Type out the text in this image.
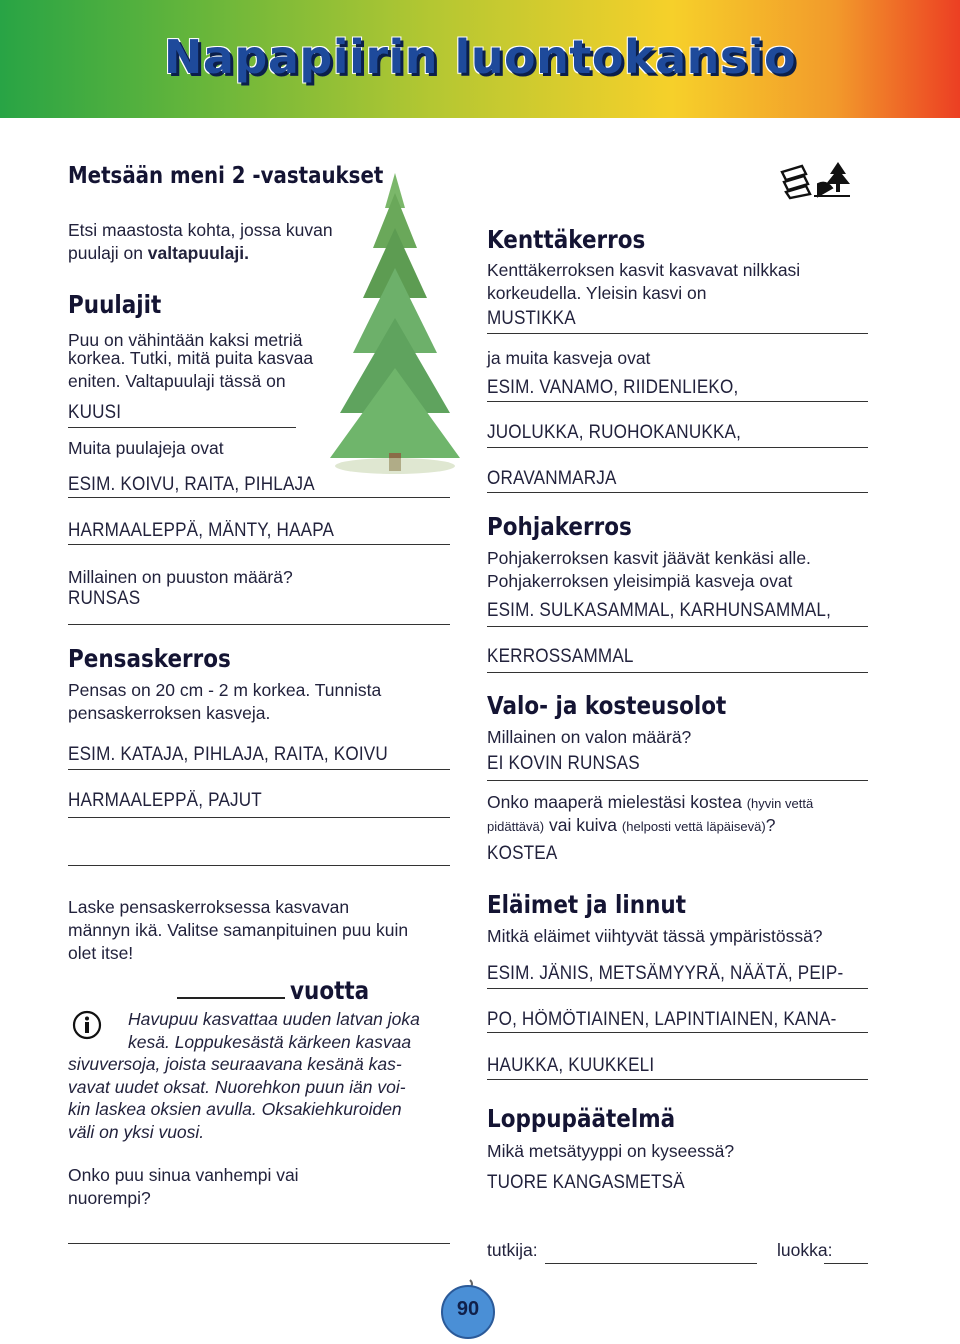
Napapiirin luontokansio
Metsään meni 2 -vastaukset
Etsi maastosta kohta, jossa kuvan
puulaji on valtapuulaji.
Puulajit
Puu on vähintään kaksi metriä
korkea. Tutki, mitä puita kasvaa
eniten. Valtapuulaji tässä on
KUUSI
Muita puulajeja ovat
ESIM. KOIVU, RAITA, PIHLAJA
HARMAALEPPÄ, MÄNTY, HAAPA
Millainen on puuston määrä?
RUNSAS
Pensaskerros
Pensas on 20 cm - 2 m korkea. Tunnista
pensaskerroksen kasveja.
ESIM. KATAJA, PIHLAJA, RAITA, KOIVU
HARMAALEPPÄ, PAJUT
Laske pensaskerroksessa kasvavan
männyn ikä. Valitse samanpituinen puu kuin
olet itse!
vuotta
Havupuu kasvattaa uuden latvan joka
kesä. Loppukesästä kärkeen kasvaa
sivuversoja, joista seuraavana kesänä kas-
vavat uudet oksat. Nuorehkon puun iän voi-
kin laskea oksien avulla. Oksakiehkuroiden
väli on yksi vuosi.
Onko puu sinua vanhempi vai
nuorempi?
Kenttäkerros
Kenttäkerroksen kasvit kasvavat nilkkasi
korkeudella. Yleisin kasvi on
MUSTIKKA
ja muita kasveja ovat
ESIM. VANAMO, RIIDENLIEKO,
JUOLUKKA, RUOHOKANUKKA,
ORAVANMARJA
Pohjakerros
Pohjakerroksen kasvit jäävät kenkäsi alle.
Pohjakerroksen yleisimpiä kasveja ovat
ESIM. SULKASAMMAL, KARHUNSAMMAL,
KERROSSAMMAL
Valo- ja kosteusolot
Millainen on valon määrä?
EI KOVIN RUNSAS
Onko maaperä mielestäsi kostea (hyvin vettä
pidättävä) vai kuiva (helposti vettä läpäisevä)?
KOSTEA
Eläimet ja linnut
Mitkä eläimet viihtyvät tässä ympäristössä?
ESIM. JÄNIS, METSÄMYYRÄ, NÄÄTÄ, PEIP-
PO, HÖMÖTIAINEN, LAPINTIAINEN, KANA-
HAUKKA, KUUKKELI
Loppupäätelmä
Mikä metsätyyppi on kyseessä?
TUORE KANGASMETSÄ
tutkija:	luokka:
90
